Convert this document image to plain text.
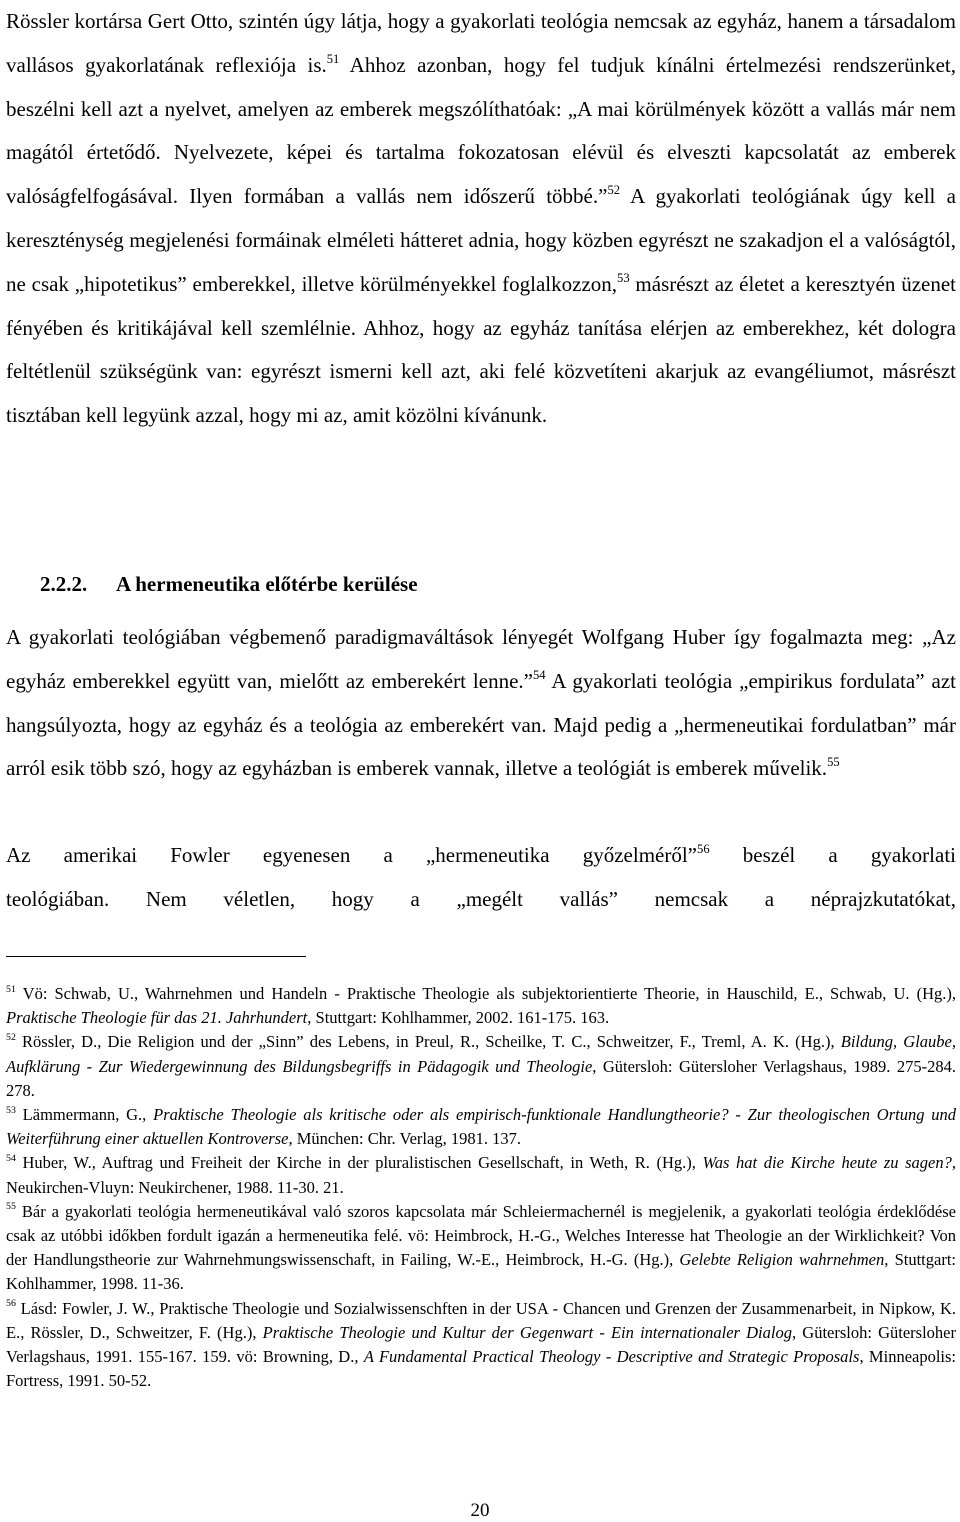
Rössler kortársa Gert Otto, szintén úgy látja, hogy a gyakorlati teológia nemcsak az egyház, hanem a társadalom vallásos gyakorlatának reflexiója is.$^{51}$ Ahhoz azonban, hogy fel tudjuk kínálni értelmezési rendszerünket, beszélni kell azt a nyelvet, amelyen az emberek megszólíthatóak: „A mai körülmények között a vallás már nem magától értetődő. Nyelvezete, képei és tartalma fokozatosan elévül és elveszti kapcsolatát az emberek valóságfelfogásával. Ilyen formában a vallás nem időszerű többé.”$^{52}$ A gyakorlati teológiának úgy kell a kereszténység megjelenési formáinak elméleti hátteret adnia, hogy közben egyrészt ne szakadjon el a valóságtól, ne csak „hipotetikus” emberekkel, illetve körülményekkel foglalkozzon,$^{53}$ másrészt az életet a keresztyén üzenet fényében és kritikájával kell szemlélnie. Ahhoz, hogy az egyház tanítása elérjen az emberekhez, két dologra feltétlenül szükségünk van: egyrészt ismerni kell azt, aki felé közvetíteni akarjuk az evangéliumot, másrészt tisztában kell legyünk azzal, hogy mi az, amit közölni kívánunk.

2.2.2. A hermeneutika előtérbe kerülése

A gyakorlati teológiában végbemenő paradigmaváltások lényegét Wolfgang Huber így fogalmazta meg: „Az egyház emberekkel együtt van, mielőtt az emberekért lenne.”$^{54}$ A gyakorlati teológia „empirikus fordulata” azt hangsúlyozta, hogy az egyház és a teológia az emberekért van. Majd pedig a „hermeneutikai fordulatban” már arról esik több szó, hogy az egyházban is emberek vannak, illetve a teológiát is emberek művelik.$^{55}$

Az amerikai Fowler egyenesen a „hermeneutika győzelméről”$^{56}$ beszél a gyakorlati

teológiában. Nem véletlen, hogy a „megélt vallás” nemcsak a néprajzkutatókat,

$^{51}$ Vö: Schwab, U., Wahrnehmen und Handeln - Praktische Theologie als subjektorientierte Theorie, in Hauschild, E., Schwab, U. (Hg.), Praktische Theologie für das 21. Jahrhundert, Stuttgart: Kohlhammer, 2002. 161-175. 163.

$^{52}$ Rössler, D., Die Religion und der „Sinn” des Lebens, in Preul, R., Scheilke, T. C., Schweitzer, F., Treml, A. K. (Hg.), Bildung, Glaube, Aufklärung - Zur Wiedergewinnung des Bildungsbegriffs in Pädagogik und Theologie, Gütersloh: Gütersloher Verlagshaus, 1989. 275-284. 278.

$^{53}$ Lämmermann, G., Praktische Theologie als kritische oder als empirisch-funktionale Handlungtheorie? - Zur theologischen Ortung und Weiterführung einer aktuellen Kontroverse, München: Chr. Verlag, 1981. 137.

$^{54}$ Huber, W., Auftrag und Freiheit der Kirche in der pluralistischen Gesellschaft, in Weth, R. (Hg.), Was hat die Kirche heute zu sagen?, Neukirchen-Vluyn: Neukirchener, 1988. 11-30. 21.

$^{55}$ Bár a gyakorlati teológia hermeneutikával való szoros kapcsolata már Schleiermachernél is megjelenik, a gyakorlati teológia érdeklődése csak az utóbbi időkben fordult igazán a hermeneutika felé. vö: Heimbrock, H.-G., Welches Interesse hat Theologie an der Wirklichkeit? Von der Handlungstheorie zur Wahrnehmungswissenschaft, in Failing, W.-E., Heimbrock, H.-G. (Hg.), Gelebte Religion wahrnehmen, Stuttgart: Kohlhammer, 1998. 11-36.

$^{56}$ Lásd: Fowler, J. W., Praktische Theologie und Sozialwissenschften in der USA - Chancen und Grenzen der Zusammenarbeit, in Nipkow, K. E., Rössler, D., Schweitzer, F. (Hg.), Praktische Theologie und Kultur der Gegenwart - Ein internationaler Dialog, Gütersloh: Gütersloher Verlagshaus, 1991. 155-167. 159. vö: Browning, D., A Fundamental Practical Theology - Descriptive and Strategic Proposals, Minneapolis: Fortress, 1991. 50-52.

20
